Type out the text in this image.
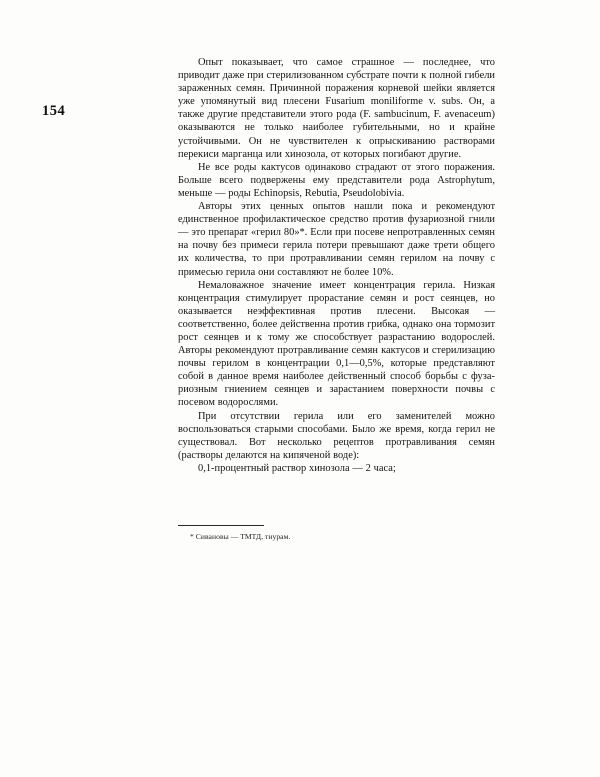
154

Опыт показывает, что самое страшное — последнее, что приводит даже при стерилизованном субстрате почти к полной гибели зараженных семян. Причинной поражения корневой шейки является уже упомянутый вид плесени Fusarium moniliforme v. subs. Он, а также другие представители этого рода (F. sambucinum, F. avenaceum) оказываются не только наиболее губительными, но и крайне устойчивыми. Он не чувствителен к опрыскиванию растворами перекиси марганца или хинозола, от которых погибают другие.

Не все роды кактусов одинаково страдают от этого поражения. Больше всего подвержены ему представители рода Astrophytum, меньше — роды Echinopsis, Rebutia, Pseudolobivia.

Авторы этих ценных опытов нашли пока и рекомендуют единственное профилактическое средство против фузариозной гнили — это препарат «герил 80»*. Если при посеве непротравленных семян на почву без примеси герила потери превышают даже трети общего их количества, то при протравливании семян герилом на почву с примесью герила они составляют не более 10%.

Немаловажное значение имеет концентрация герила. Низкая концентрация стимулирует прорастание семян и рост сеянцев, но оказывается неэффективная против плесени. Высокая — соответственно, более действенна против грибка, однако она тормозит рост сеянцев и к тому же способствует разрастанию водорослей. Авторы рекомендуют протравливание семян кактусов и стерилизацию почвы герилом в концентрации 0,1—0,5%, которые представляют собой в данное время наиболее действенный способ борьбы с фузариозным гниением сеянцев и зарастанием поверхности почвы с посевом водорослями.

При отсутствии герила или его заменителей можно воспользоваться старыми способами. Было же время, когда герил не существовал. Вот несколько рецептов протравливания семян (растворы делаются на кипяченой воде):

0,1-процентный раствор хинозола — 2 часа;

* Сивановы — ТМТД, тиурам.
